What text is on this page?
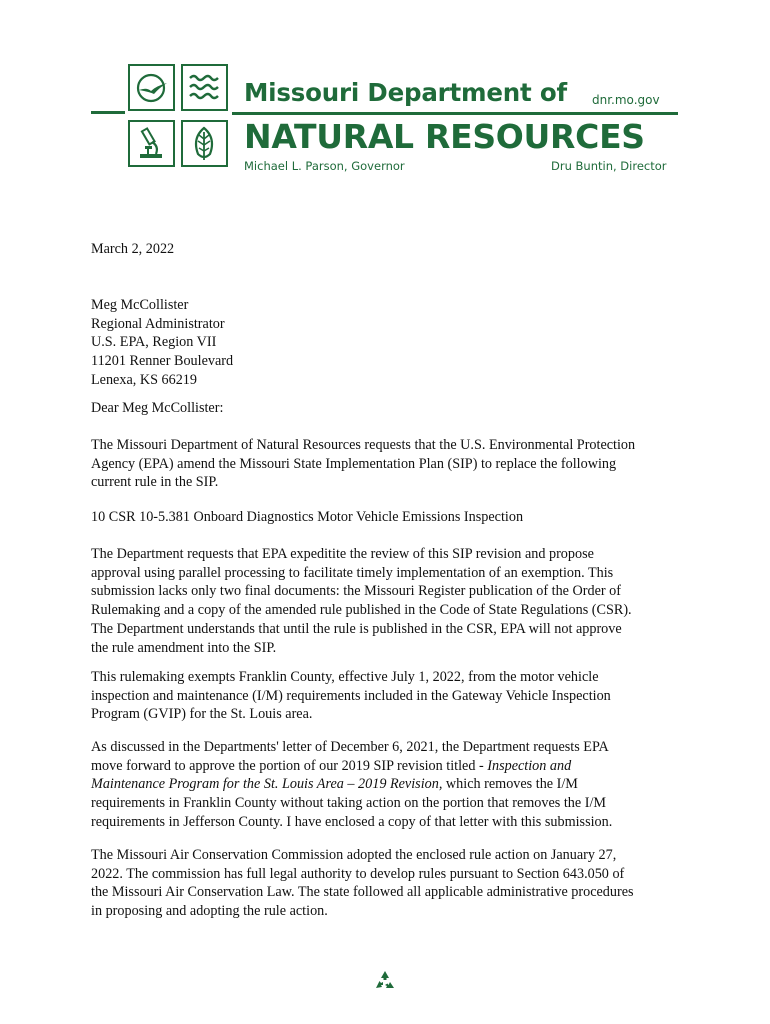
Missouri Department of dnr.mo.gov
NATURAL RESOURCES
Michael L. Parson, Governor	Dru Buntin, Director
March 2, 2022
Meg McCollister
Regional Administrator
U.S. EPA, Region VII
11201 Renner Boulevard
Lenexa, KS 66219
Dear Meg McCollister:
The Missouri Department of Natural Resources requests that the U.S. Environmental Protection
Agency (EPA) amend the Missouri State Implementation Plan (SIP) to replace the following
current rule in the SIP.
10 CSR 10-5.381 Onboard Diagnostics Motor Vehicle Emissions Inspection
The Department requests that EPA expeditite the review of this SIP revision and propose
approval using parallel processing to facilitate timely implementation of an exemption. This
submission lacks only two final documents: the Missouri Register publication of the Order of
Rulemaking and a copy of the amended rule published in the Code of State Regulations (CSR).
The Department understands that until the rule is published in the CSR, EPA will not approve
the rule amendment into the SIP.
This rulemaking exempts Franklin County, effective July 1, 2022, from the motor vehicle
inspection and maintenance (I/M) requirements included in the Gateway Vehicle Inspection
Program (GVIP) for the St. Louis area.
As discussed in the Departments' letter of December 6, 2021, the Department requests EPA
move forward to approve the portion of our 2019 SIP revision titled - Inspection and
Maintenance Program for the St. Louis Area – 2019 Revision, which removes the I/M
requirements in Franklin County without taking action on the portion that removes the I/M
requirements in Jefferson County. I have enclosed a copy of that letter with this submission.
The Missouri Air Conservation Commission adopted the enclosed rule action on January 27,
2022. The commission has full legal authority to develop rules pursuant to Section 643.050 of
the Missouri Air Conservation Law. The state followed all applicable administrative procedures
in proposing and adopting the rule action.
